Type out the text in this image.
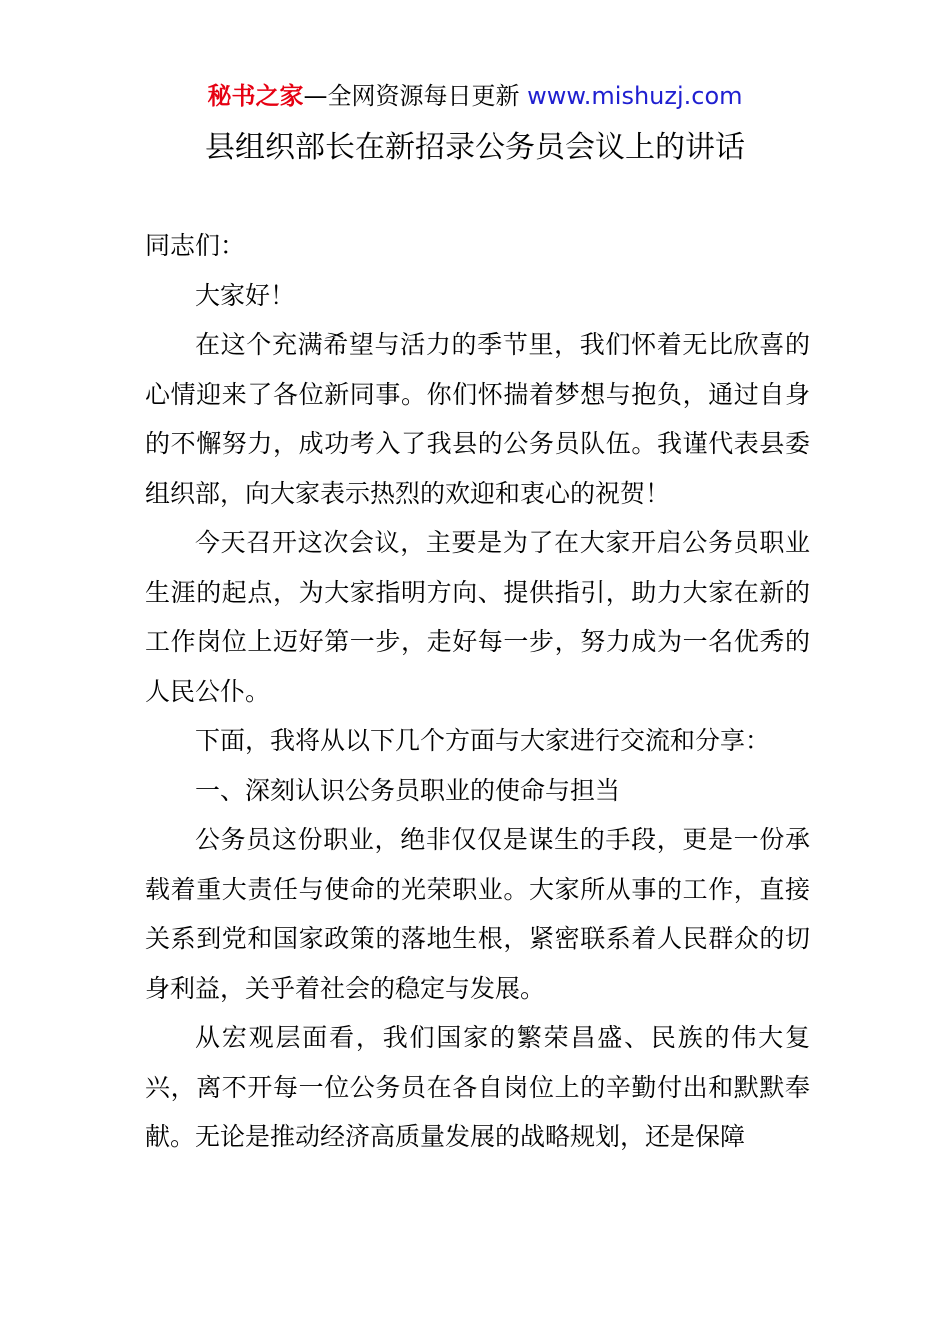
秘书之家—全网资源每日更新 www.mishuzj.com
县组织部长在新招录公务员会议上的讲话

同志们：

大家好！

在这个充满希望与活力的季节里，我们怀着无比欣喜的心情迎来了各位新同事。你们怀揣着梦想与抱负，通过自身的不懈努力，成功考入了我县的公务员队伍。我谨代表县委组织部，向大家表示热烈的欢迎和衷心的祝贺！

今天召开这次会议，主要是为了在大家开启公务员职业生涯的起点，为大家指明方向、提供指引，助力大家在新的工作岗位上迈好第一步，走好每一步，努力成为一名优秀的人民公仆。

下面，我将从以下几个方面与大家进行交流和分享：

一、深刻认识公务员职业的使命与担当

公务员这份职业，绝非仅仅是谋生的手段，更是一份承载着重大责任与使命的光荣职业。大家所从事的工作，直接关系到党和国家政策的落地生根，紧密联系着人民群众的切身利益，关乎着社会的稳定与发展。

从宏观层面看，我们国家的繁荣昌盛、民族的伟大复兴，离不开每一位公务员在各自岗位上的辛勤付出和默默奉献。无论是推动经济高质量发展的战略规划，还是保障
